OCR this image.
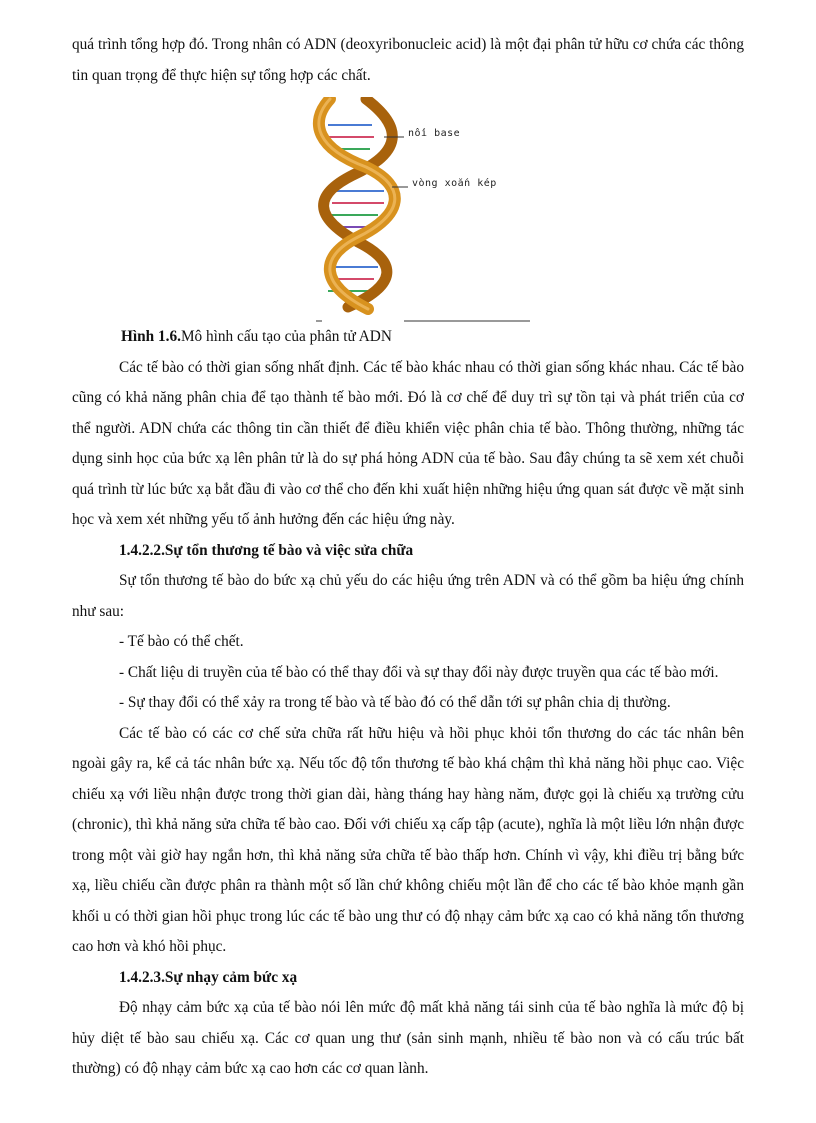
quá trình tổng hợp đó. Trong nhân có ADN (deoxyribonucleic acid) là một đại phân tử hữu cơ chứa các thông tin quan trọng để thực hiện sự tổng hợp các chất.

nối base
vòng xoắn kép

Hình 1.6.Mô hình cấu tạo của phân tử ADN

Các tế bào có thời gian sống nhất định. Các tế bào khác nhau có thời gian sống khác nhau. Các tế bào cũng có khả năng phân chia để tạo thành tế bào mới. Đó là cơ chế để duy trì sự tồn tại và phát triển của cơ thể người. ADN chứa các thông tin cần thiết để điều khiển việc phân chia tế bào. Thông thường, những tác dụng sinh học của bức xạ lên phân tử là do sự phá hỏng ADN của tế bào. Sau đây chúng ta sẽ xem xét chuỗi quá trình từ lúc bức xạ bắt đầu đi vào cơ thể cho đến khi xuất hiện những hiệu ứng quan sát được về mặt sinh học và xem xét những yếu tố ảnh hưởng đến các hiệu ứng này.

1.4.2.2.Sự tổn thương tế bào và việc sửa chữa

Sự tổn thương tế bào do bức xạ chủ yếu do các hiệu ứng trên ADN và có thể gồm ba hiệu ứng chính như sau:

- Tế bào có thể chết.

- Chất liệu di truyền của tế bào có thể thay đổi và sự thay đổi này được truyền qua các tế bào mới.

- Sự thay đổi có thể xảy ra trong tế bào và tế bào đó có thể dẫn tới sự phân chia dị thường.

Các tế bào có các cơ chế sửa chữa rất hữu hiệu và hồi phục khỏi tổn thương do các tác nhân bên ngoài gây ra, kể cả tác nhân bức xạ. Nếu tốc độ tổn thương tế bào khá chậm thì khả năng hồi phục cao. Việc chiếu xạ với liều nhận được trong thời gian dài, hàng tháng hay hàng năm, được gọi là chiếu xạ trường cửu (chronic), thì khả năng sửa chữa tế bào cao. Đối với chiếu xạ cấp tập (acute), nghĩa là một liều lớn nhận được trong một vài giờ hay ngắn hơn, thì khả năng sửa chữa tế bào thấp hơn. Chính vì vậy, khi điều trị bằng bức xạ, liều chiếu cần được phân ra thành một số lần chứ không chiếu một lần để cho các tế bào khỏe mạnh gần khối u có thời gian hồi phục trong lúc các tế bào ung thư có độ nhạy cảm bức xạ cao có khả năng tổn thương cao hơn và khó hồi phục.

1.4.2.3.Sự nhạy cảm bức xạ

Độ nhạy cảm bức xạ của tế bào nói lên mức độ mất khả năng tái sinh của tế bào nghĩa là mức độ bị hủy diệt tế bào sau chiếu xạ. Các cơ quan ung thư (sản sinh mạnh, nhiều tế bào non và có cấu trúc bất thường) có độ nhạy cảm bức xạ cao hơn các cơ quan lành.
